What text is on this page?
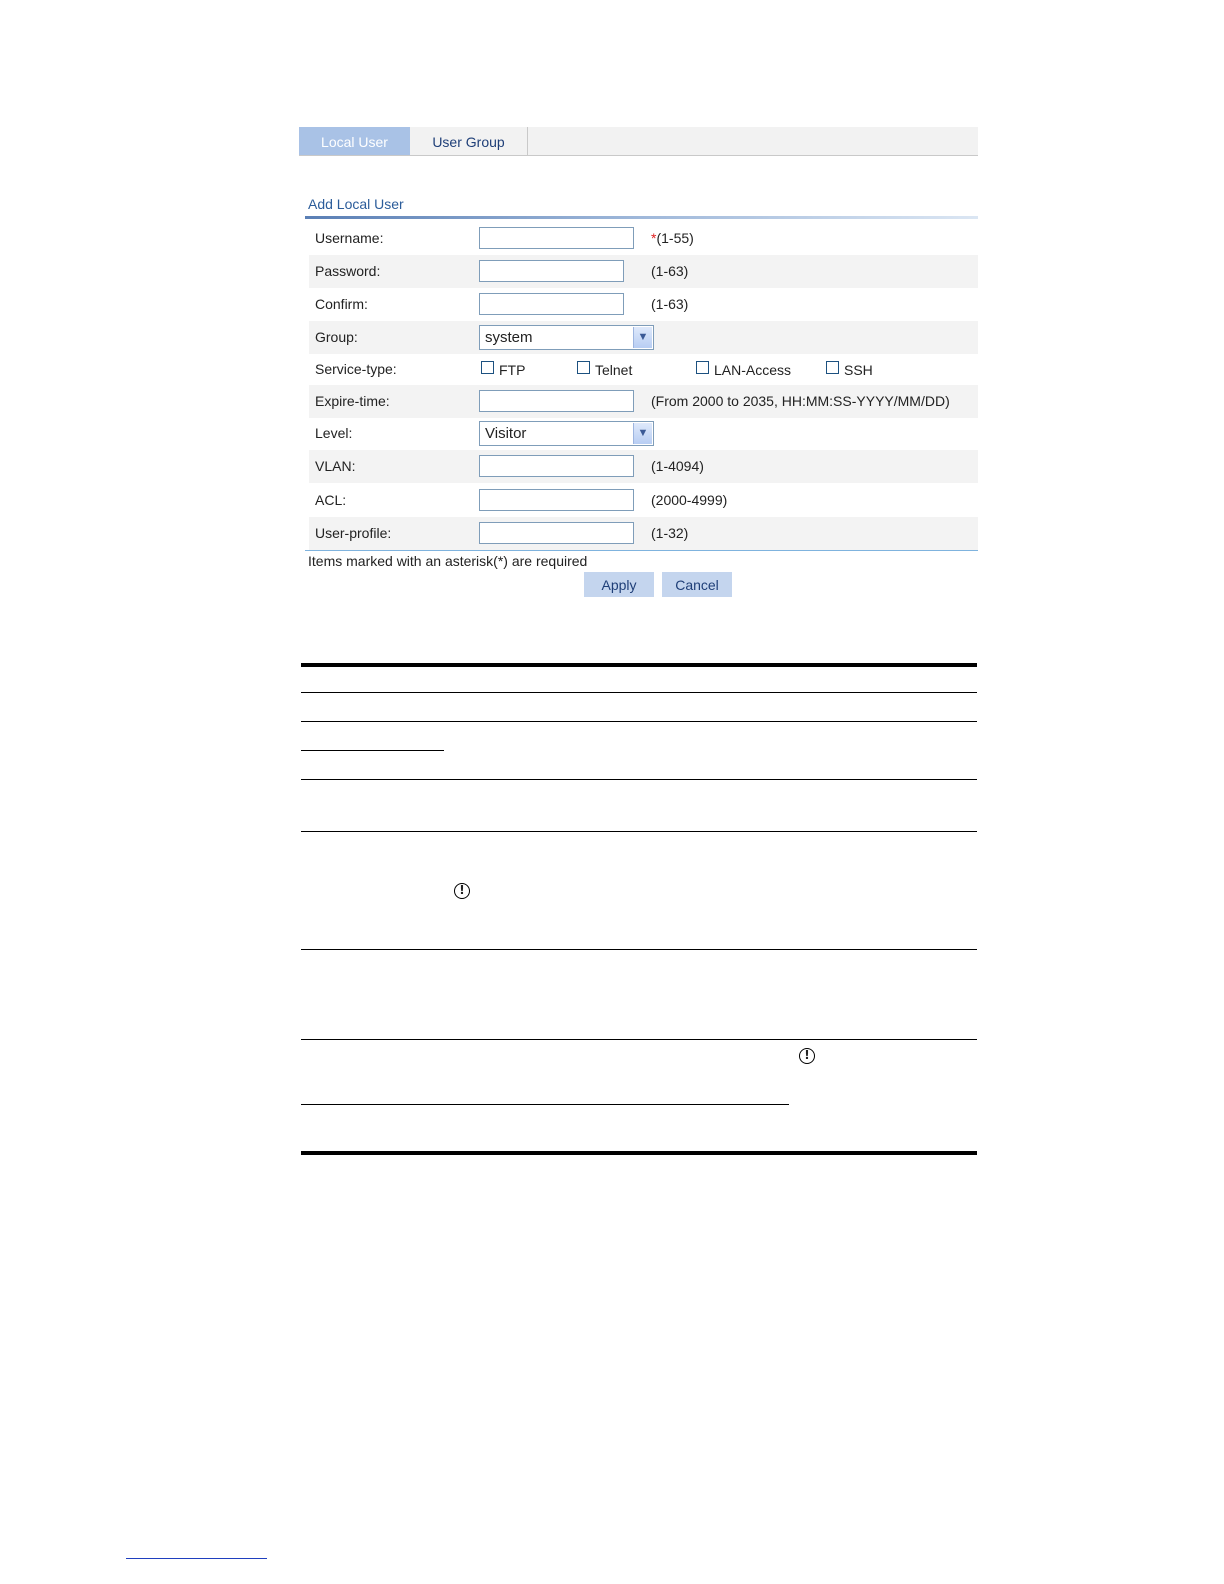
Local User	User Group
Add Local User
Username:	*(1-55)
Password:	(1-63)
Confirm:	(1-63)
Group:	system	▼
Service-type:	FTP	Telnet	LAN-Access	SSH
Expire-time:	(From 2000 to 2035, HH:MM:SS-YYYY/MM/DD)
Level:	Visitor	▼
VLAN:	(1-4094)
ACL:	(2000-4999)
User-profile:	(1-32)
Items marked with an asterisk(*) are required
Apply	Cancel
!
!
